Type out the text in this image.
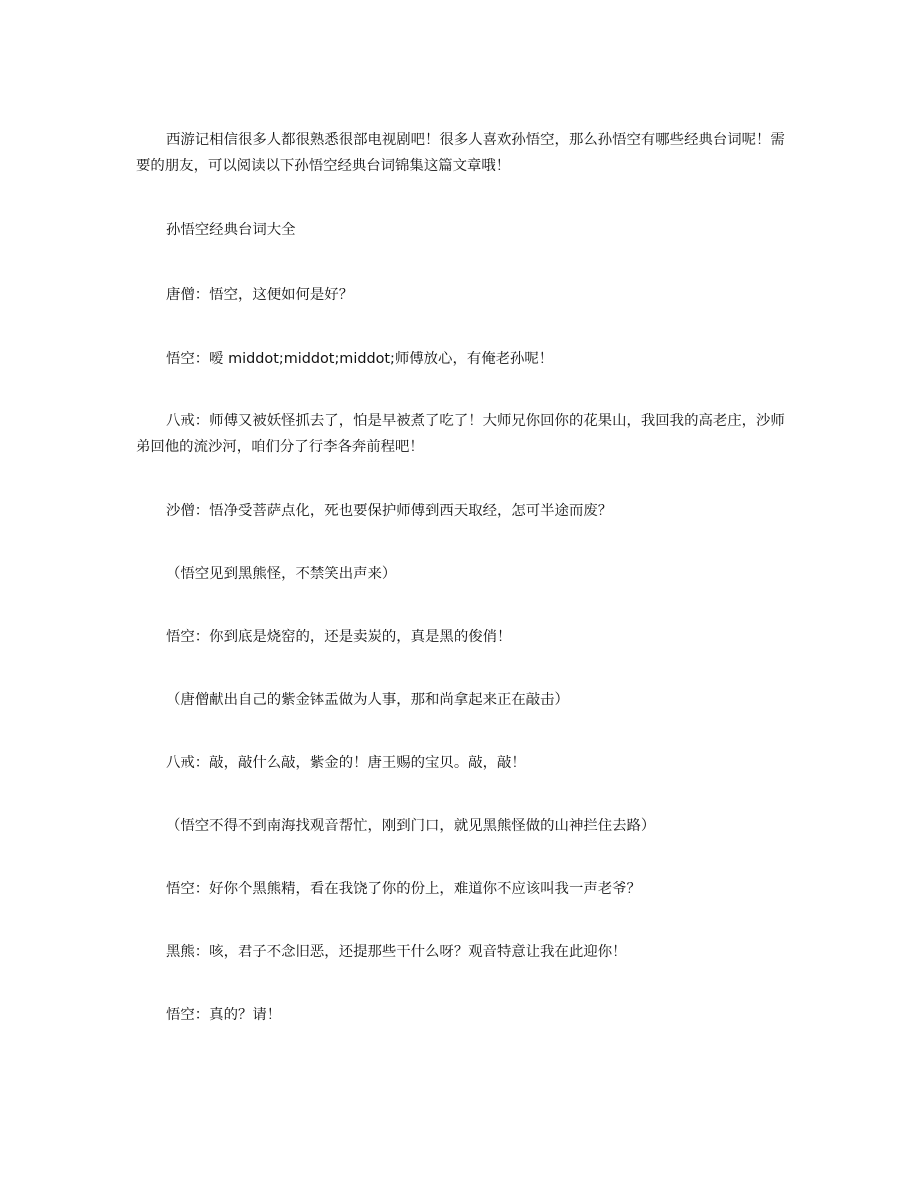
西游记相信很多人都很熟悉很部电视剧吧！很多人喜欢孙悟空，那么孙悟空有哪些经典台词呢！需要的朋友，可以阅读以下孙悟空经典台词锦集这篇文章哦！

孙悟空经典台词大全

唐僧：悟空，这便如何是好？

悟空：嗳 middot;middot;middot;师傅放心，有俺老孙呢！

八戒：师傅又被妖怪抓去了，怕是早被煮了吃了！大师兄你回你的花果山，我回我的高老庄，沙师弟回他的流沙河，咱们分了行李各奔前程吧！

沙僧：悟净受菩萨点化，死也要保护师傅到西天取经，怎可半途而废？

（悟空见到黑熊怪，不禁笑出声来）

悟空：你到底是烧窑的，还是卖炭的，真是黑的俊俏！

（唐僧献出自己的紫金钵盂做为人事，那和尚拿起来正在敲击）

八戒：敲，敲什么敲，紫金的！唐王赐的宝贝。敲，敲！

（悟空不得不到南海找观音帮忙，刚到门口，就见黑熊怪做的山神拦住去路）

悟空：好你个黑熊精，看在我饶了你的份上，难道你不应该叫我一声老爷？

黑熊：咳，君子不念旧恶，还提那些干什么呀？观音特意让我在此迎你！

悟空：真的？请！
